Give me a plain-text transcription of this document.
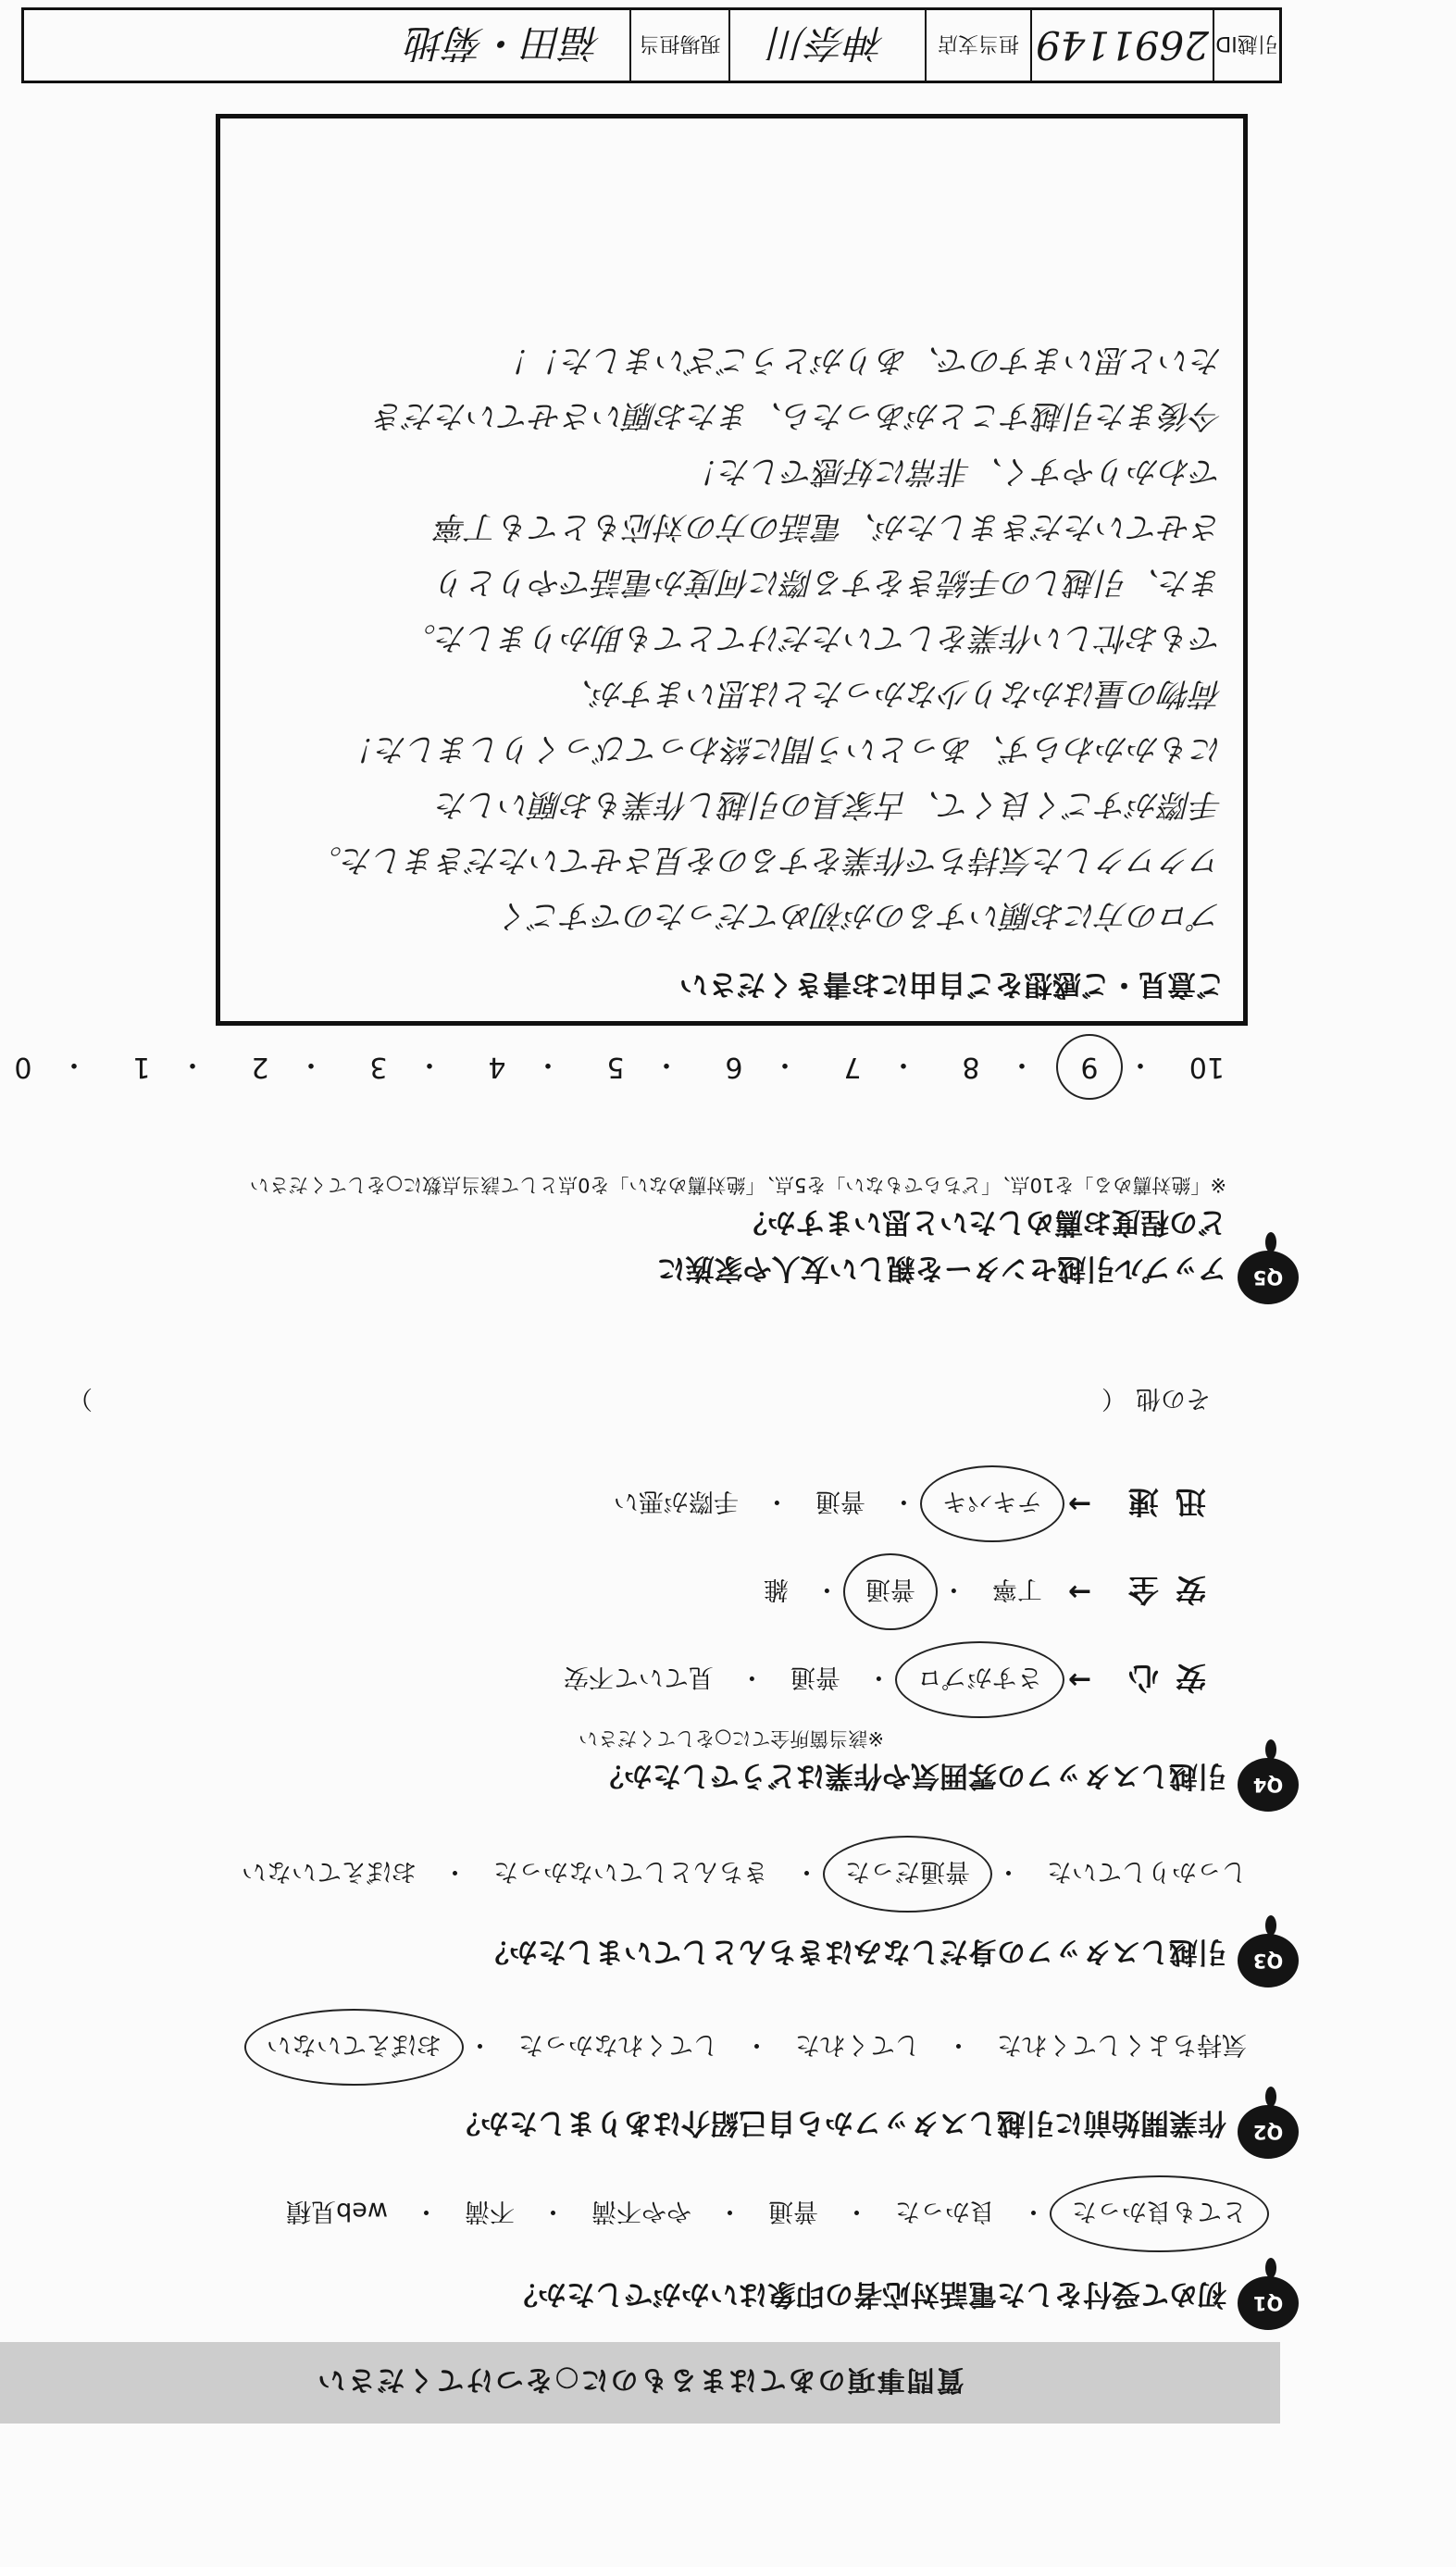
質問事項のあてはまるものに○をつけてください
Q1
初めて受付をした電話対応者の印象はいかがでしたか？
とても良かった
・
良かった
・
普通
・
やや不満
・
不満
・
web見積
Q2
作業開始前に引越しスタッフから自己紹介はありましたか？
気持ちよくしてくれた
・
してくれた
・
してくれなかった
・
おぼえていない
Q3
引越しスタッフの身だしなみはきちんとしていましたか？
しっかりしていた
・
普通だった
・
きちんとしていなかった
・
おぼえていない
Q4
引越しスタッフの雰囲気や作業はどうでしたか？
※該当箇所全てに○をしてください
安心
→
さすがプロ
・
普通
・
見ていて不安
安全
→
丁寧
・
普通
・
雑
迅速
→
テキパキ
・
普通
・
手際が悪い
その他
（
）
Q5
アップル引越センターを親しい友人や家族に
どの程度お薦めしたいと思いますか？
※「絶対薦める」を10点、「どちらでもない」を5点、「絶対薦めない」を0点として該当点数に○をしてください
10
・
9
・
8
・
7
・
6
・
5
・
4
・
3
・
2
・
1
・
0
ご意見・ご感想をご自由にお書きください
プロの方にお願いするのが初めてだったのですごく
ワクワクした気持ちで作業をするのを見させていただきました。
手際がすごく良くて、古家具の引越し作業もお願いした
にもかかわらず、あっという間に終わってびっくりしました！
荷物の量はかなり少なかったとは思いますが、
でもお忙しい作業をしていただけてとても助かりました。
また、引越しの手続きをする際に何度か電話でやりとり
させていただきましたが、電話の方の対応もとても丁寧
でわかりやすく、非常に好感でした！
今後また引越すことがあったら、またお願いさせていただき
たいと思いますので、ありがとうございました！！
引越ID
2691149
担当支店
神奈川
現場担当
福田・菊地
